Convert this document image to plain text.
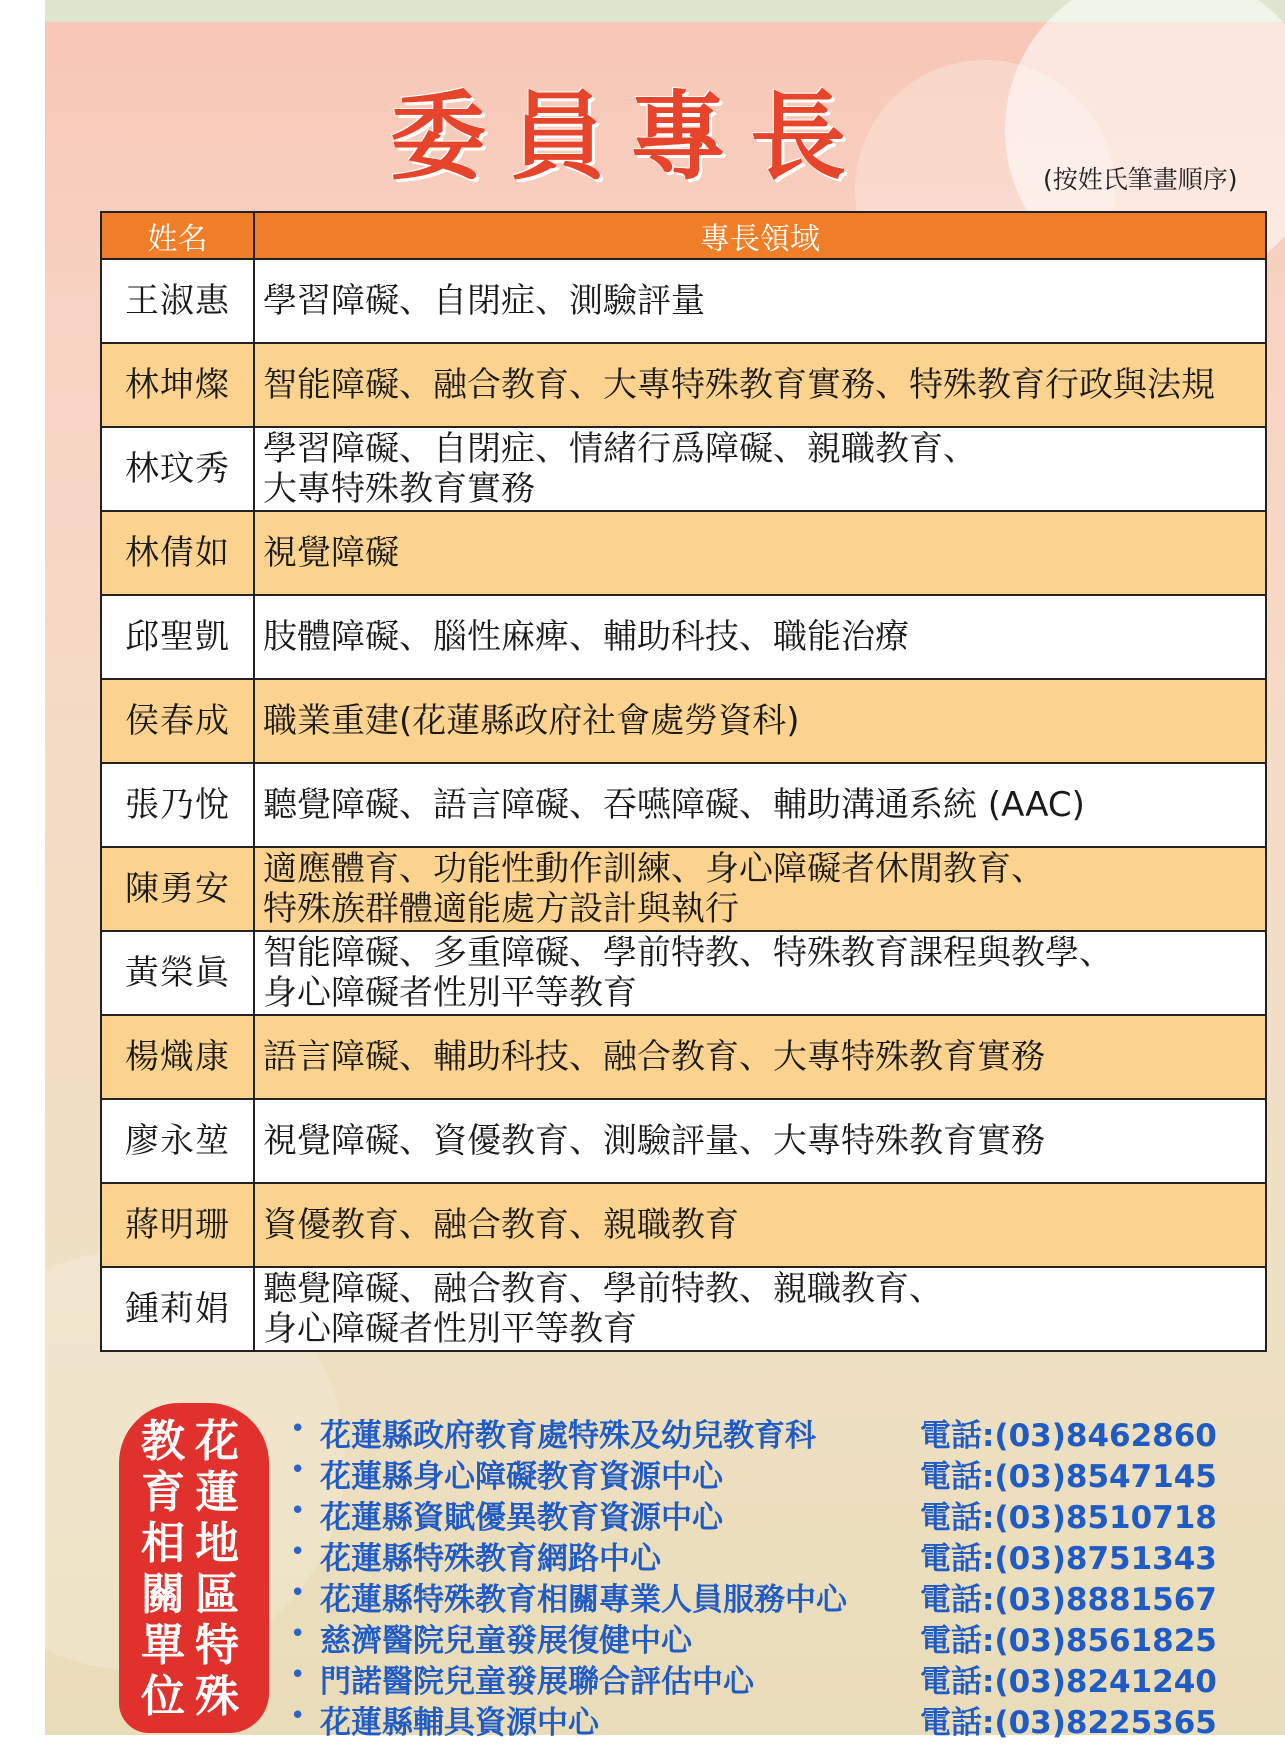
委員專長	(按姓氏筆畫順序)
姓名	專長領域
王淑惠	學習障礙、自閉症、測驗評量

林坤燦	智能障礙、融合教育、大專特殊教育實務、特殊教育行政與法規

林玟秀	學習障礙、自閉症、情緒行爲障礙、親職教育、
大專特殊教育實務

林倩如	視覺障礙

邱聖凱	肢體障礙、腦性麻痺、輔助科技、職能治療

侯春成	職業重建(花蓮縣政府社會處勞資科)

張乃悅	聽覺障礙、語言障礙、吞嚥障礙、輔助溝通系統 (AAC)

陳勇安	適應體育、功能性動作訓練、身心障礙者休閒教育、
特殊族群體適能處方設計與執行

黃榮眞	智能障礙、多重障礙、學前特教、特殊教育課程與教學、
身心障礙者性別平等教育

楊熾康	語言障礙、輔助科技、融合教育、大專特殊教育實務

廖永堃	視覺障礙、資優教育、測驗評量、大專特殊教育實務

蔣明珊	資優教育、融合教育、親職教育

鍾莉娟	聽覺障礙、融合教育、學前特教、親職教育、
身心障礙者性別平等教育
花蓮地區特殊
教育相關單位
• 花蓮縣政府教育處特殊及幼兒教育科	電話:(03)8462860
• 花蓮縣身心障礙教育資源中心	電話:(03)8547145
• 花蓮縣資賦優異教育資源中心	電話:(03)8510718
• 花蓮縣特殊教育網路中心	電話:(03)8751343
• 花蓮縣特殊教育相關專業人員服務中心 電話:(03)8881567
• 慈濟醫院兒童發展復健中心	電話:(03)8561825
• 門諾醫院兒童發展聯合評估中心	電話:(03)8241240
• 花蓮縣輔具資源中心	電話:(03)8225365
